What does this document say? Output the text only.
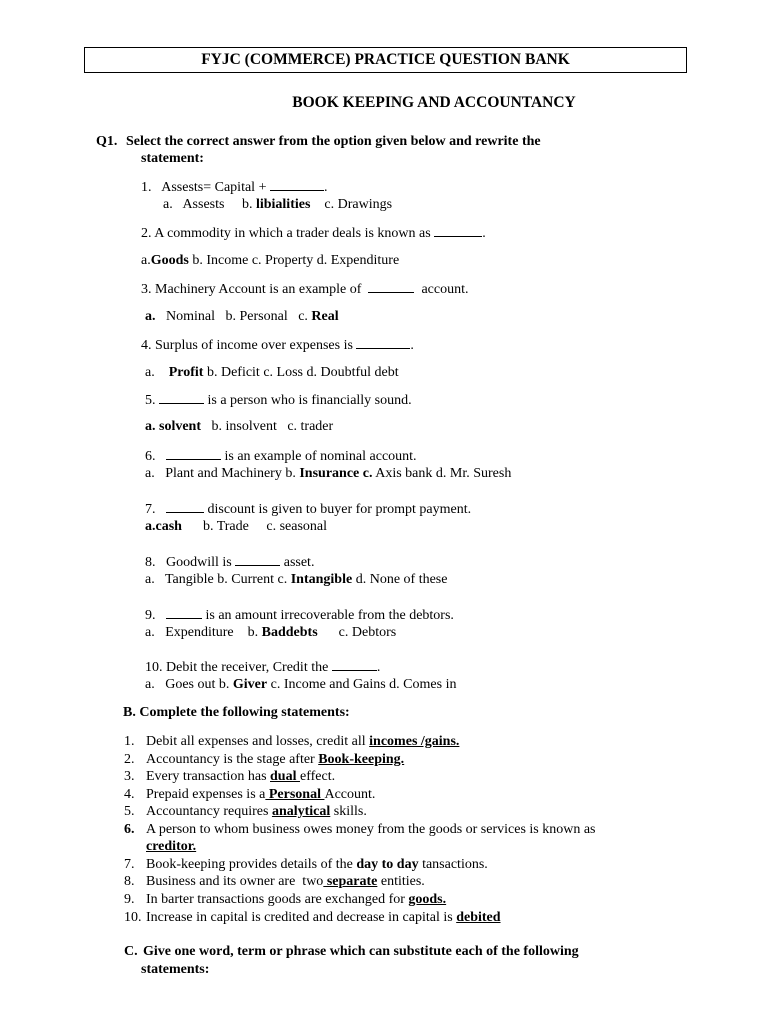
FYJC (COMMERCE) PRACTICE QUESTION BANK
BOOK KEEPING AND ACCOUNTANCY
Q1. Select the correct answer from the option given below and rewrite the
statement:
1.   Assests= Capital +	.
a.   Assests     b. libialities    c. Drawings
2. A commodity in which a trader deals is known as	.
a.Goods b. Income c. Property d. Expenditure
3. Machinery Account is an example of	account.
a.   Nominal   b. Personal   c. Real
4. Surplus of income over expenses is	.
a.    Profit b. Deficit c. Loss d. Doubtful debt
5.	is a person who is financially sound.
a. solvent   b. insolvent   c. trader
6.	is an example of nominal account.
a.   Plant and Machinery b. Insurance c. Axis bank d. Mr. Suresh
7.	discount is given to buyer for prompt payment.
a.cash      b. Trade     c. seasonal
8.   Goodwill is	asset.
a.   Tangible b. Current c. Intangible d. None of these
9.	is an amount irrecoverable from the debtors.
a.   Expenditure    b. Baddebts      c. Debtors
10. Debit the receiver, Credit the	.
a.   Goes out b. Giver c. Income and Gains d. Comes in
B. Complete the following statements:
1. Debit all expenses and losses, credit all incomes /gains.
2. Accountancy is the stage after Book-keeping.
3. Every transaction has dual effect.
4. Prepaid expenses is a Personal Account.
5. Accountancy requires analytical skills.
6. A person to whom business owes money from the goods or services is known as
creditor.
7. Book-keeping provides details of the day to day tansactions.
8. Business and its owner are  two separate entities.
9. In barter transactions goods are exchanged for goods.
10. Increase in capital is credited and decrease in capital is debited
C. Give one word, term or phrase which can substitute each of the following
statements:
